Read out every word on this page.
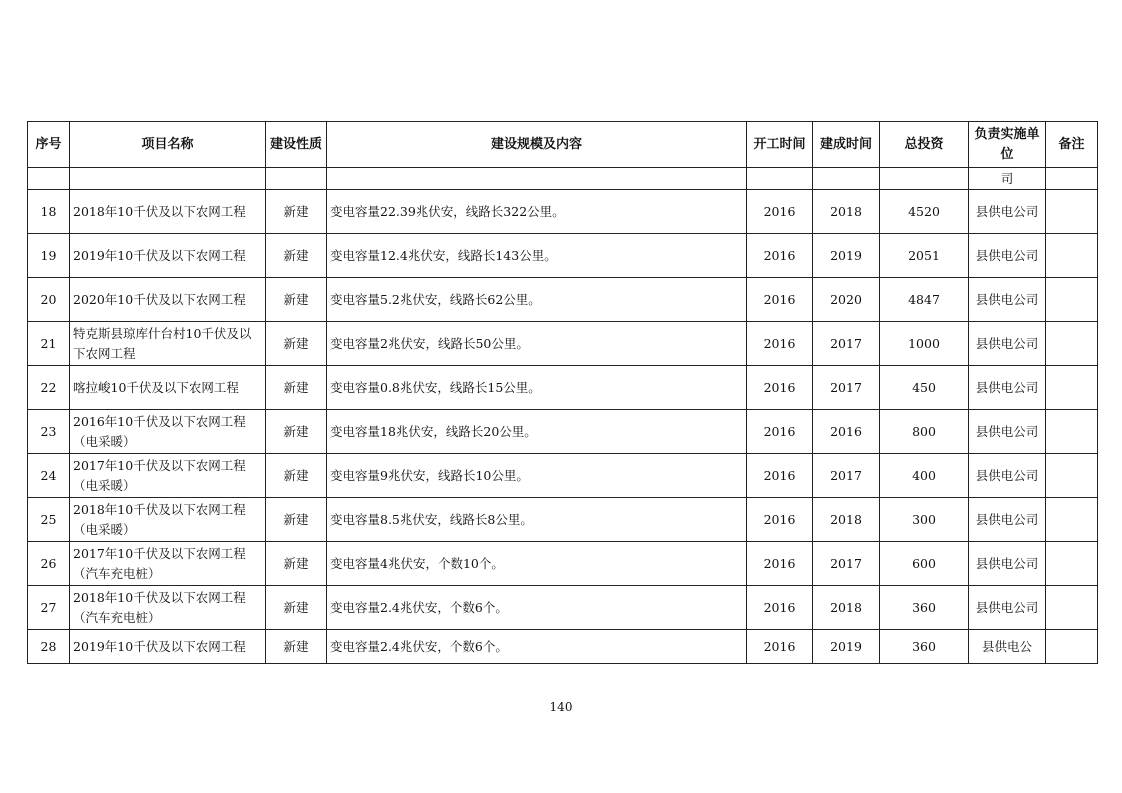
序号	项目名称	建设性质	建设规模及内容	开工时间	建成时间	总投资	负责实施单位	备注
							司	
18	2018年10千伏及以下农网工程	新建	变电容量22.39兆伏安，线路长322公里。	2016	2018	4520	县供电公司	
19	2019年10千伏及以下农网工程	新建	变电容量12.4兆伏安，线路长143公里。	2016	2019	2051	县供电公司	
20	2020年10千伏及以下农网工程	新建	变电容量5.2兆伏安，线路长62公里。	2016	2020	4847	县供电公司	
21	特克斯县琼库什台村10千伏及以下农网工程	新建	变电容量2兆伏安，线路长50公里。	2016	2017	1000	县供电公司	
22	喀拉峻10千伏及以下农网工程	新建	变电容量0.8兆伏安，线路长15公里。	2016	2017	450	县供电公司	
23	2016年10千伏及以下农网工程（电采暖）	新建	变电容量18兆伏安，线路长20公里。	2016	2016	800	县供电公司	
24	2017年10千伏及以下农网工程（电采暖）	新建	变电容量9兆伏安，线路长10公里。	2016	2017	400	县供电公司	
25	2018年10千伏及以下农网工程（电采暖）	新建	变电容量8.5兆伏安，线路长8公里。	2016	2018	300	县供电公司	
26	2017年10千伏及以下农网工程（汽车充电桩）	新建	变电容量4兆伏安，个数10个。	2016	2017	600	县供电公司	
27	2018年10千伏及以下农网工程（汽车充电桩）	新建	变电容量2.4兆伏安，个数6个。	2016	2018	360	县供电公司	
28	2019年10千伏及以下农网工程	新建	变电容量2.4兆伏安，个数6个。	2016	2019	360	县供电公	
140
